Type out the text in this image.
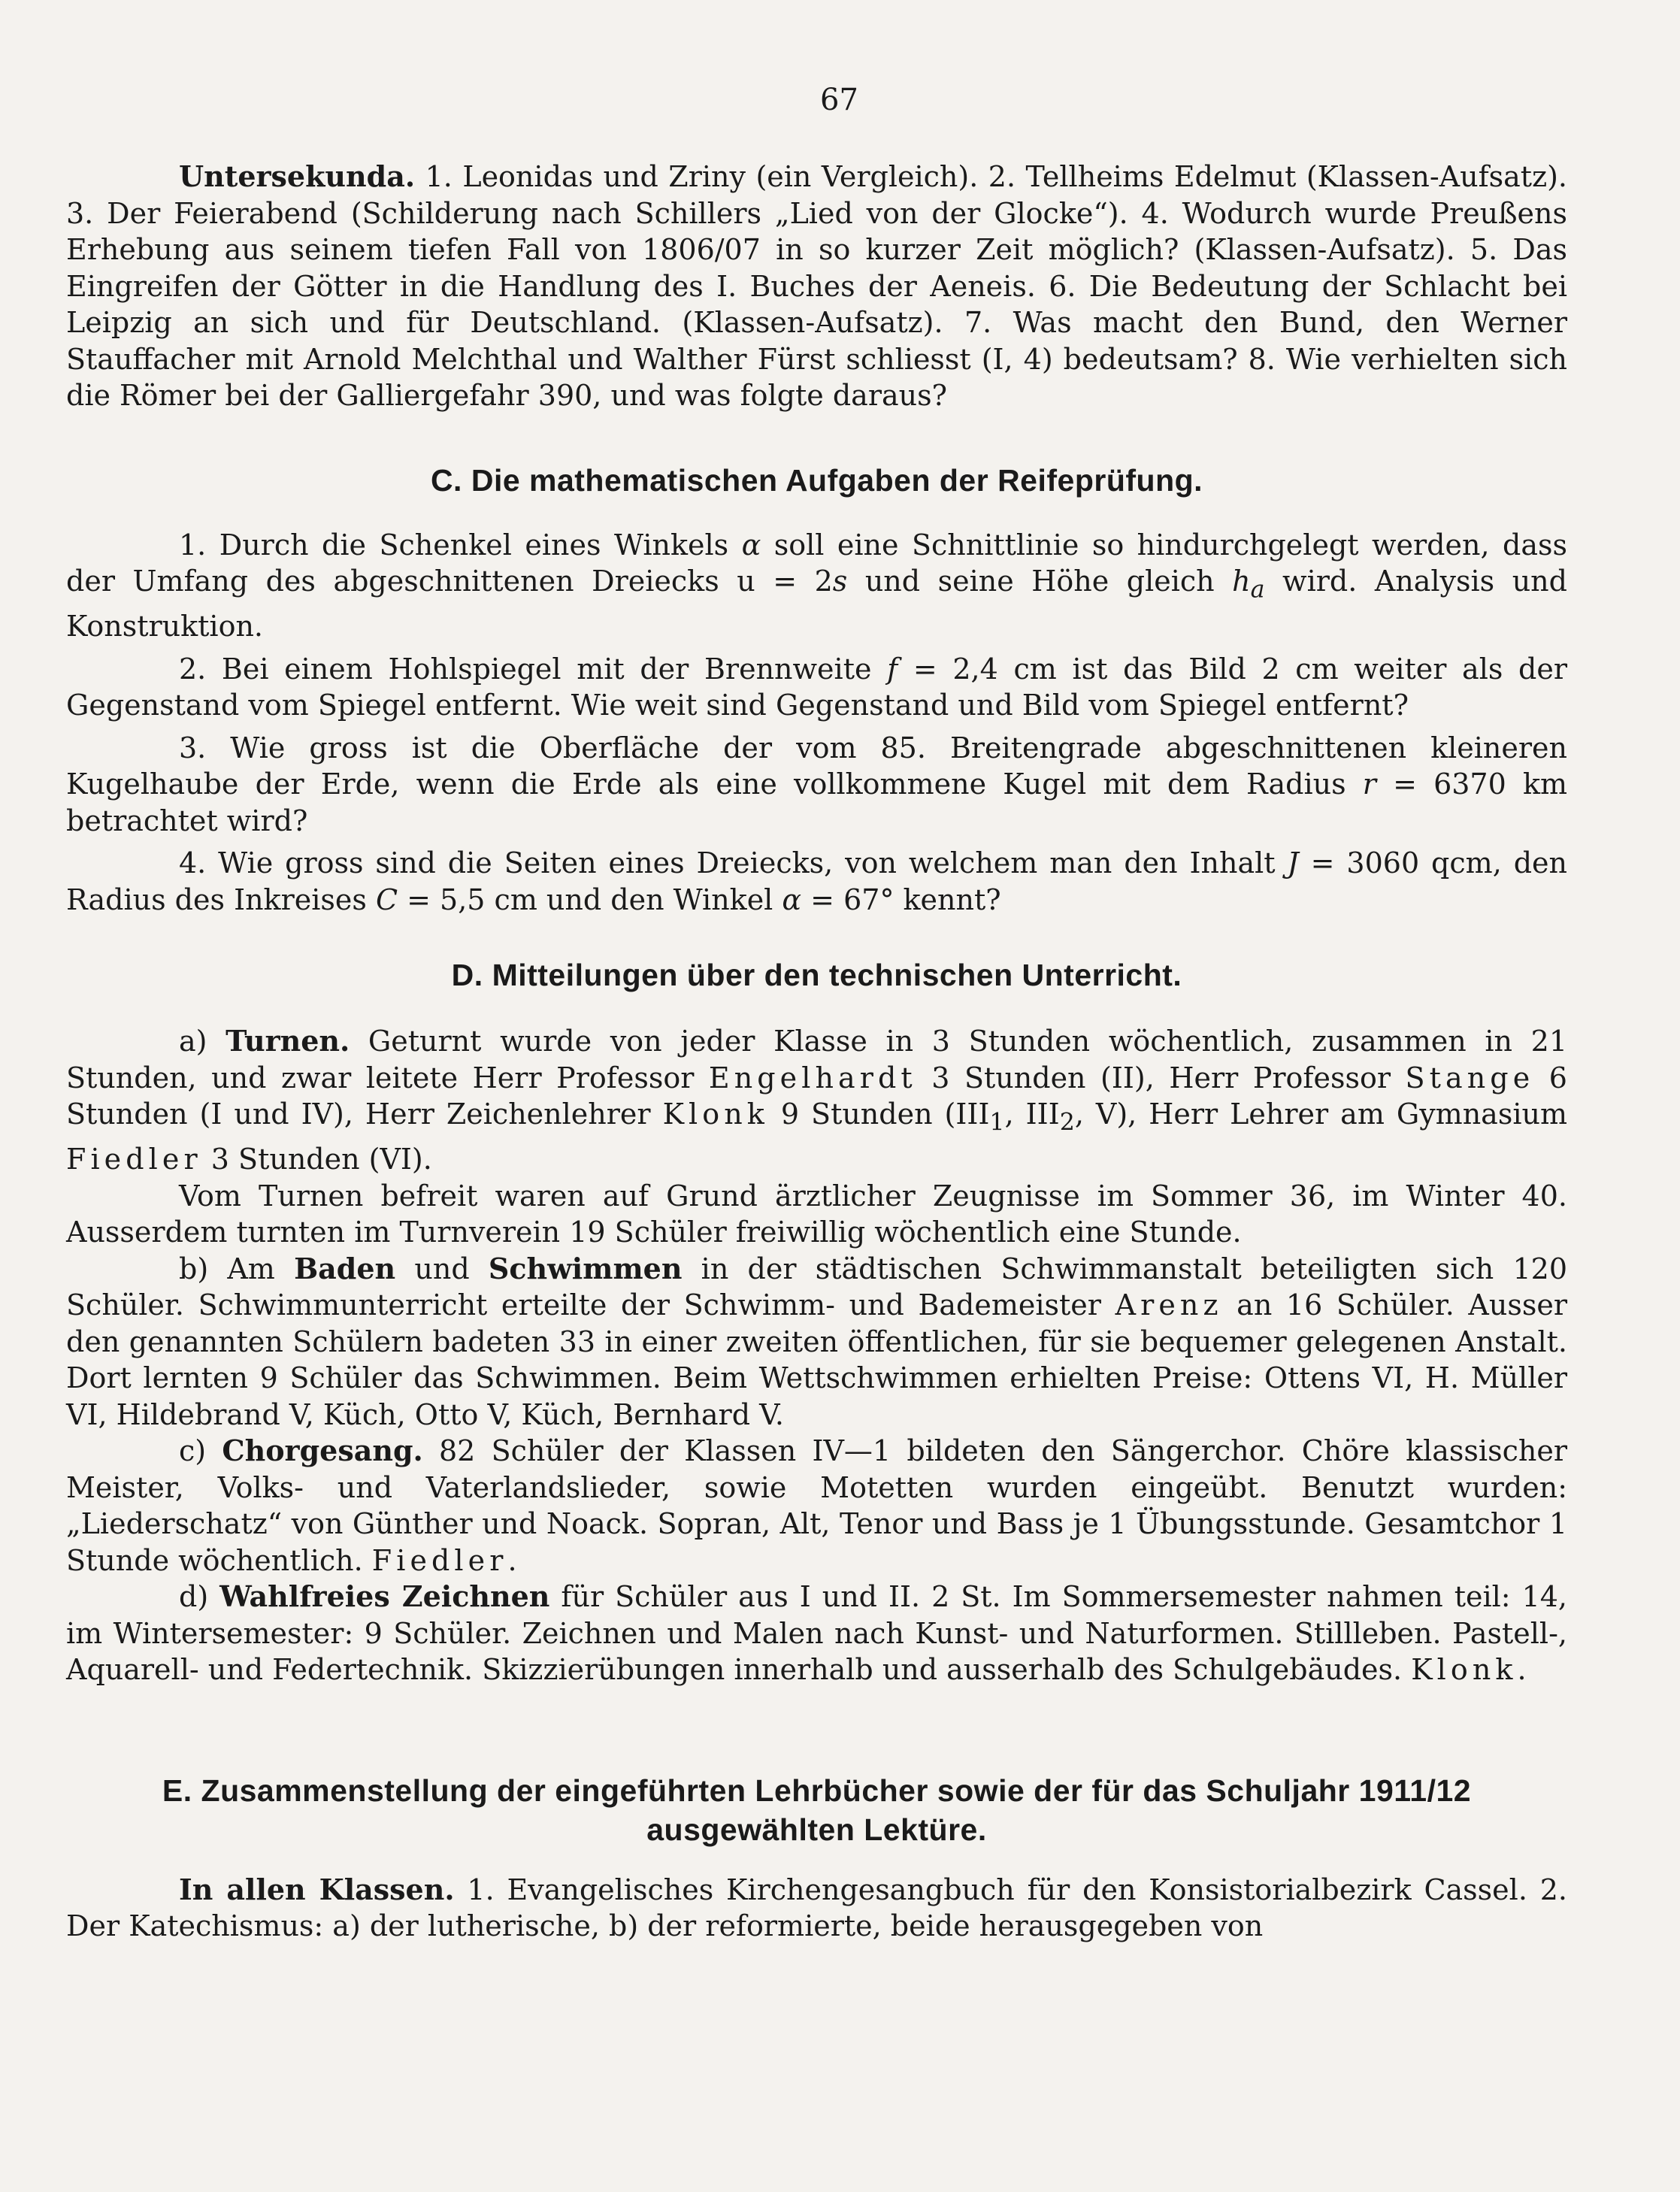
67

Untersekunda. 1. Leonidas und Zriny (ein Vergleich). 2. Tellheims Edelmut (Klassen-Aufsatz). 3. Der Feierabend (Schilderung nach Schillers „Lied von der Glocke“). 4. Wodurch wurde Preußens Erhebung aus seinem tiefen Fall von 1806/07 in so kurzer Zeit möglich? (Klassen-Aufsatz). 5. Das Eingreifen der Götter in die Handlung des I. Buches der Aeneis. 6. Die Bedeutung der Schlacht bei Leipzig an sich und für Deutschland. (Klassen-Aufsatz). 7. Was macht den Bund, den Werner Stauffacher mit Arnold Melchthal und Walther Fürst schliesst (I, 4) bedeutsam? 8. Wie verhielten sich die Römer bei der Galliergefahr 390, und was folgte daraus?

C. Die mathematischen Aufgaben der Reifeprüfung.

1. Durch die Schenkel eines Winkels α soll eine Schnittlinie so hindurchgelegt werden, dass der Umfang des abgeschnittenen Dreiecks u = 2s und seine Höhe gleich $h_a$ wird. Analysis und Konstruktion.

2. Bei einem Hohlspiegel mit der Brennweite f = 2,4 cm ist das Bild 2 cm weiter als der Gegenstand vom Spiegel entfernt. Wie weit sind Gegenstand und Bild vom Spiegel entfernt?

3. Wie gross ist die Oberfläche der vom 85. Breitengrade abgeschnittenen kleineren Kugelhaube der Erde, wenn die Erde als eine vollkommene Kugel mit dem Radius r = 6370 km betrachtet wird?

4. Wie gross sind die Seiten eines Dreiecks, von welchem man den Inhalt J = 3060 qcm, den Radius des Inkreises C = 5,5 cm und den Winkel α = 67° kennt?

D. Mitteilungen über den technischen Unterricht.

a) Turnen. Geturnt wurde von jeder Klasse in 3 Stunden wöchentlich, zusammen in 21 Stunden, und zwar leitete Herr Professor Engelhardt 3 Stunden (II), Herr Professor Stange 6 Stunden (I und IV), Herr Zeichenlehrer Klonk 9 Stunden ($III_1$, $III_2$, V), Herr Lehrer am Gymnasium Fiedler 3 Stunden (VI).

Vom Turnen befreit waren auf Grund ärztlicher Zeugnisse im Sommer 36, im Winter 40. Ausserdem turnten im Turnverein 19 Schüler freiwillig wöchentlich eine Stunde.

b) Am Baden und Schwimmen in der städtischen Schwimmanstalt beteiligten sich 120 Schüler. Schwimmunterricht erteilte der Schwimm- und Bademeister Arenz an 16 Schüler. Ausser den genannten Schülern badeten 33 in einer zweiten öffentlichen, für sie bequemer gelegenen Anstalt. Dort lernten 9 Schüler das Schwimmen. Beim Wettschwimmen erhielten Preise: Ottens VI, H. Müller VI, Hildebrand V, Küch, Otto V, Küch, Bernhard V.

c) Chorgesang. 82 Schüler der Klassen IV—1 bildeten den Sängerchor. Chöre klassischer Meister, Volks- und Vaterlandslieder, sowie Motetten wurden eingeübt. Benutzt wurden: „Liederschatz“ von Günther und Noack. Sopran, Alt, Tenor und Bass je 1 Übungsstunde. Gesamtchor 1 Stunde wöchentlich. Fiedler.

d) Wahlfreies Zeichnen für Schüler aus I und II. 2 St. Im Sommersemester nahmen teil: 14, im Wintersemester: 9 Schüler. Zeichnen und Malen nach Kunst- und Naturformen. Stillleben. Pastell-, Aquarell- und Federtechnik. Skizzierübungen innerhalb und ausserhalb des Schulgebäudes. Klonk.

E. Zusammenstellung der eingeführten Lehrbücher sowie der für das Schuljahr 1911/12
ausgewählten Lektüre.

In allen Klassen. 1. Evangelisches Kirchengesangbuch für den Konsistorialbezirk Cassel. 2. Der Katechismus: a) der lutherische, b) der reformierte, beide herausgegeben von
